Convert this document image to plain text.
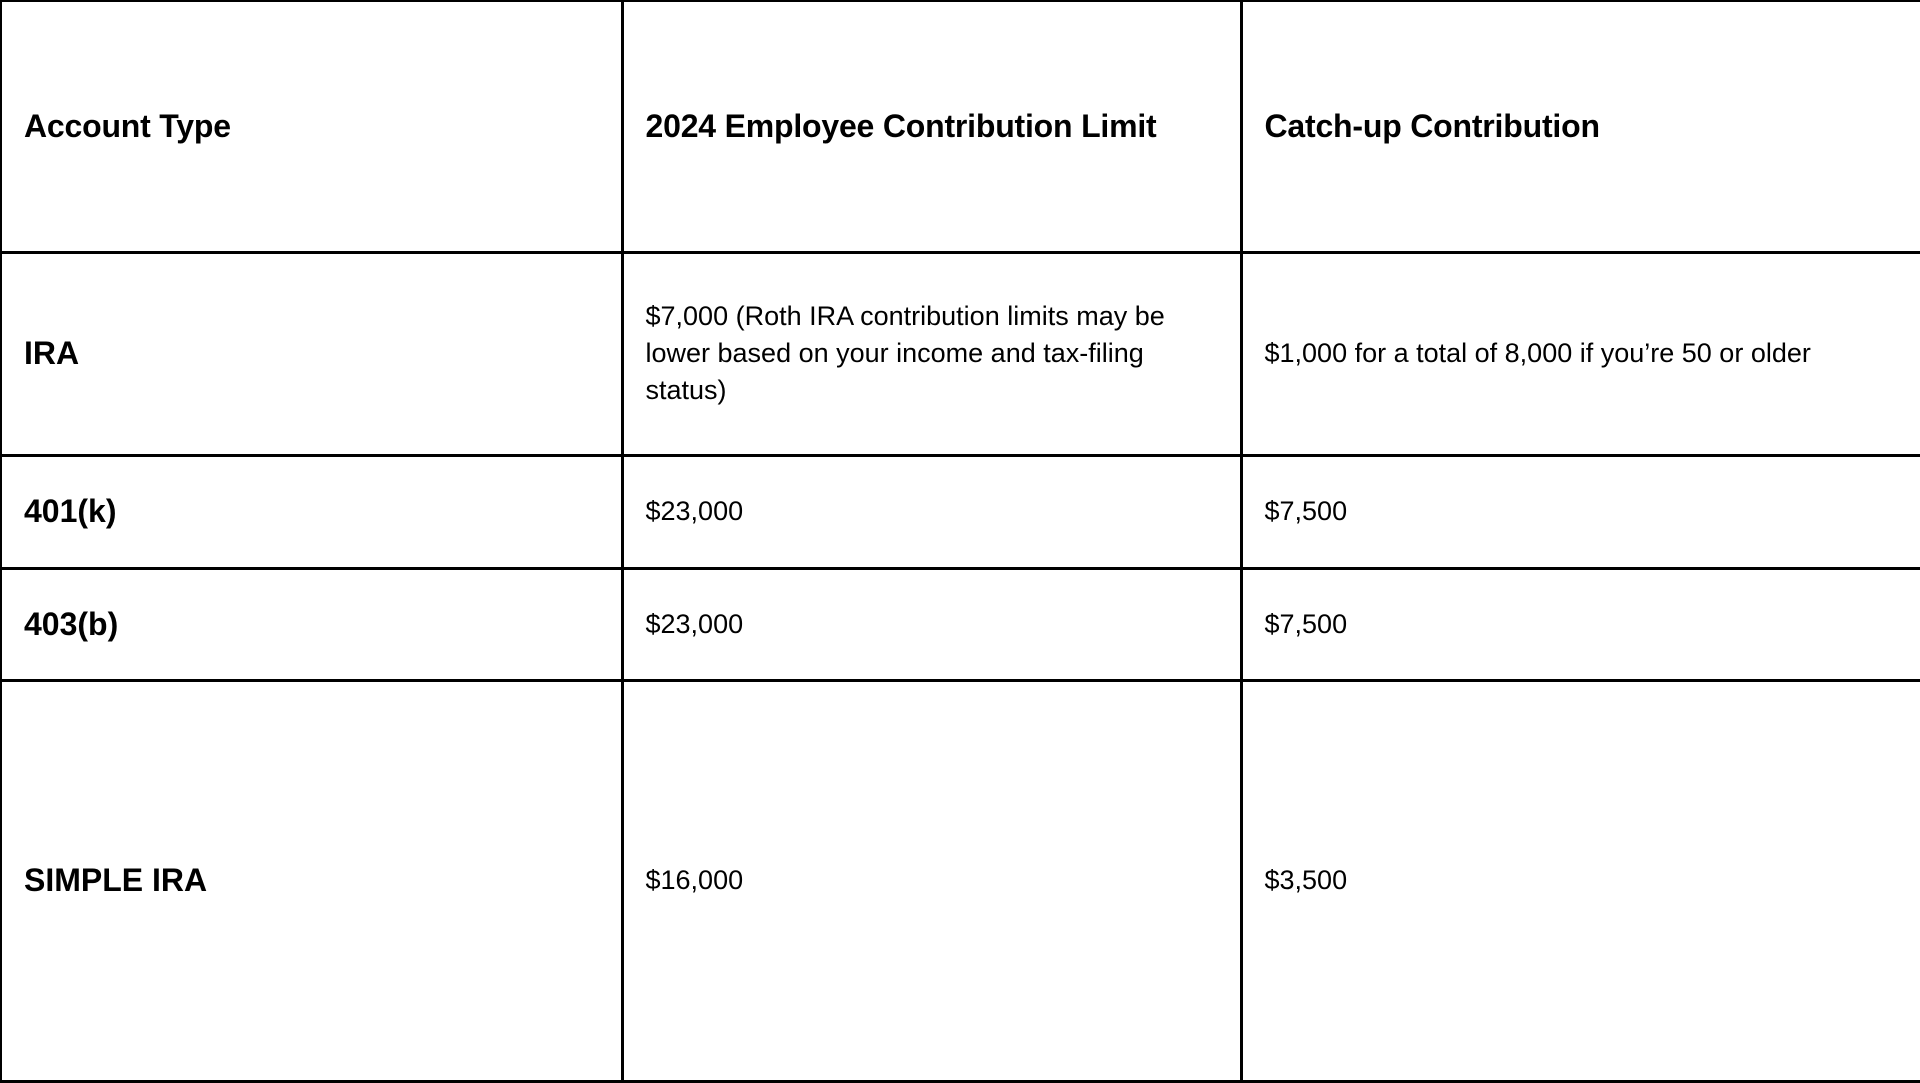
Account Type	2024 Employee Contribution Limit	Catch-up Contribution
IRA	$7,000 (Roth IRA contribution limits may be lower based on your income and tax-filing status)	$1,000 for a total of 8,000 if you’re 50 or older
401(k)	$23,000	$7,500
403(b)	$23,000	$7,500
SIMPLE IRA	$16,000	$3,500
